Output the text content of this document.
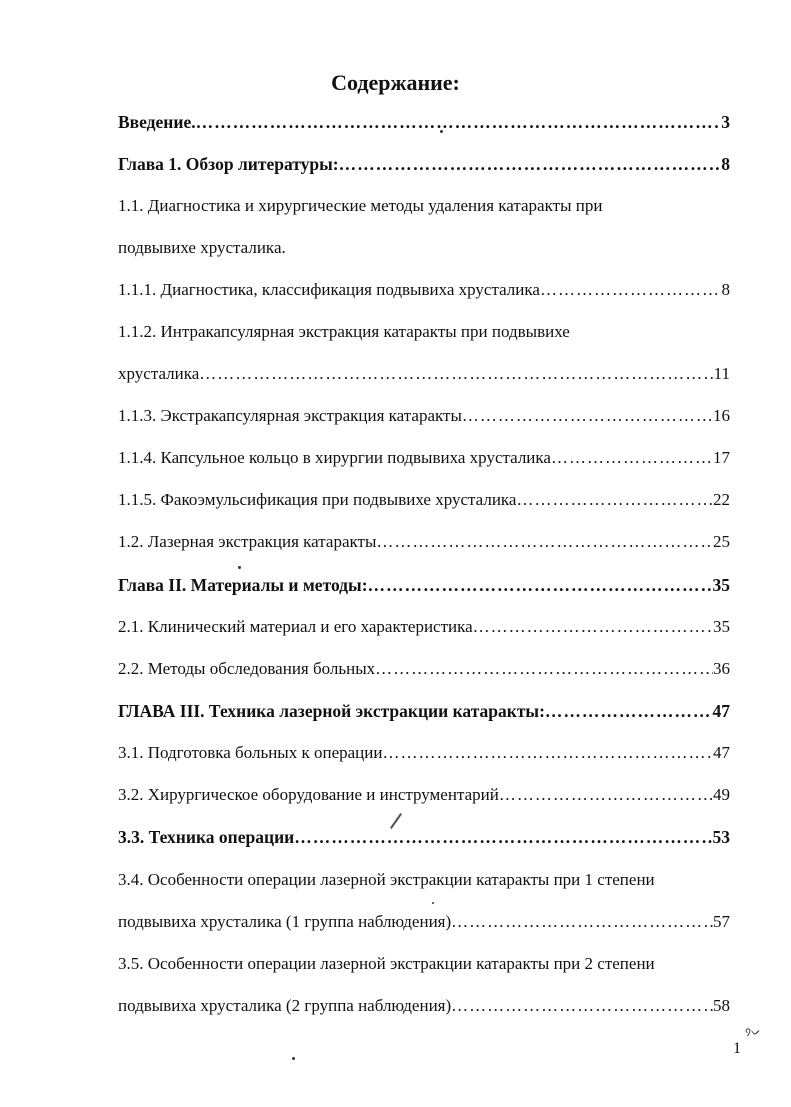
Содержание:
Введение. ……………………………………………………………………………………………………………………………………………	3
Глава 1. Обзор литературы: ……………………………………………………………………………………………………………………………………………	8
1.1. Диагностика и хирургические методы удаления катаракты при
подвывихе хрусталика.
1.1.1. Диагностика, классификация подвывиха хрусталика ……………………………………………………………………………………………………………………………………………	8
1.1.2. Интракапсулярная экстракция катаракты при подвывихе
хрусталика ……………………………………………………………………………………………………………………………………………	11
1.1.3. Экстракапсулярная экстракция катаракты ……………………………………………………………………………………………………………………………………………	16
1.1.4. Капсульное кольцо в хирургии подвывиха хрусталика ……………………………………………………………………………………………………………………………………………	17
1.1.5. Факоэмульсификация при подвывихе хрусталика ……………………………………………………………………………………………………………………………………………	22
1.2. Лазерная экстракция катаракты ……………………………………………………………………………………………………………………………………………	25
Глава II. Материалы и методы: ……………………………………………………………………………………………………………………………………………	35
2.1. Клинический материал и его характеристика ……………………………………………………………………………………………………………………………………………	35
2.2. Методы обследования больных ……………………………………………………………………………………………………………………………………………	36
ГЛАВА III. Техника лазерной экстракции катаракты: ……………………………………………………………………………………………………………………………………………	47
3.1. Подготовка больных к операции ……………………………………………………………………………………………………………………………………………	47
3.2. Хирургическое оборудование и инструментарий ……………………………………………………………………………………………………………………………………………	49
3.3. Техника операции ……………………………………………………………………………………………………………………………………………	53
3.4. Особенности операции лазерной экстракции катаракты при 1 степени
подвывиха хрусталика (1 группа наблюдения) ……………………………………………………………………………………………………………………………………………	57
3.5. Особенности операции лазерной экстракции катаракты при 2 степени
подвывиха хрусталика (2 группа наблюдения) ……………………………………………………………………………………………………………………………………………	58
᠀ᨆ
1
